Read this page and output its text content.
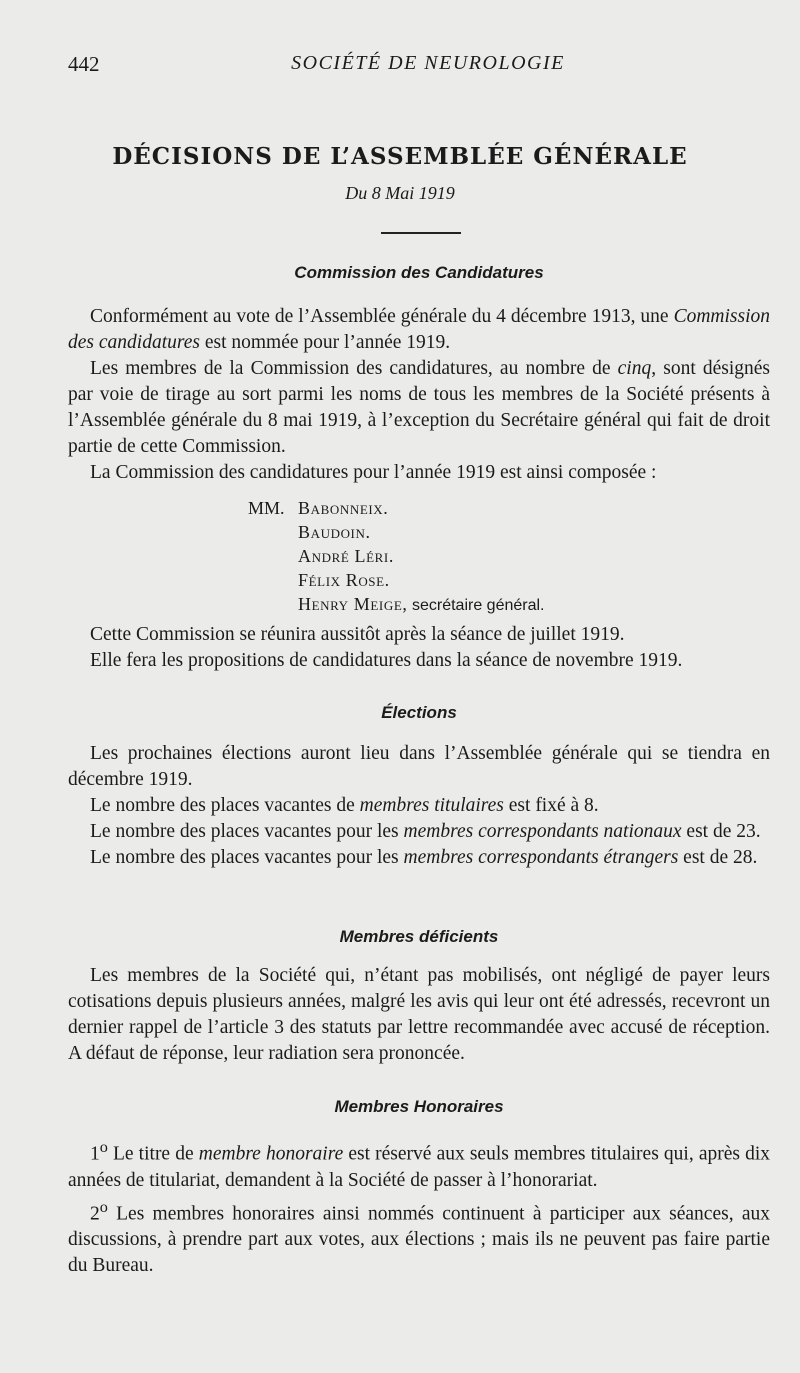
442	SOCIÉTÉ DE NEUROLOGIE
DÉCISIONS DE L’ASSEMBLÉE GÉNÉRALE
Du 8 Mai 1919
Commission des Candidatures

Conformément au vote de l’Assemblée générale du 4 décembre 1913, une Commission des candidatures est nommée pour l’année 1919.

Les membres de la Commission des candidatures, au nombre de cinq, sont désignés par voie de tirage au sort parmi les noms de tous les membres de la Société présents à l’Assemblée générale du 8 mai 1919, à l’exception du Secrétaire général qui fait de droit partie de cette Commission.

La Commission des candidatures pour l’année 1919 est ainsi composée :

MM. Babonneix.
Baudoin.
André Léri.
Félix Rose.
Henry Meige, secrétaire général.

Cette Commission se réunira aussitôt après la séance de juillet 1919.

Elle fera les propositions de candidatures dans la séance de novembre 1919.

Élections

Les prochaines élections auront lieu dans l’Assemblée générale qui se tiendra en décembre 1919.

Le nombre des places vacantes de membres titulaires est fixé à 8.

Le nombre des places vacantes pour les membres correspondants nationaux est de 23.

Le nombre des places vacantes pour les membres correspondants étrangers est de 28.

Membres déficients

Les membres de la Société qui, n’étant pas mobilisés, ont négligé de payer leurs cotisations depuis plusieurs années, malgré les avis qui leur ont été adressés, recevront un dernier rappel de l’article 3 des statuts par lettre recommandée avec accusé de réception. A défaut de réponse, leur radiation sera prononcée.

Membres Honoraires

1$^o$ Le titre de membre honoraire est réservé aux seuls membres titulaires qui, après dix années de titulariat, demandent à la Société de passer à l’honorariat.

2$^o$ Les membres honoraires ainsi nommés continuent à participer aux séances, aux discussions, à prendre part aux votes, aux élections ; mais ils ne peuvent pas faire partie du Bureau.
